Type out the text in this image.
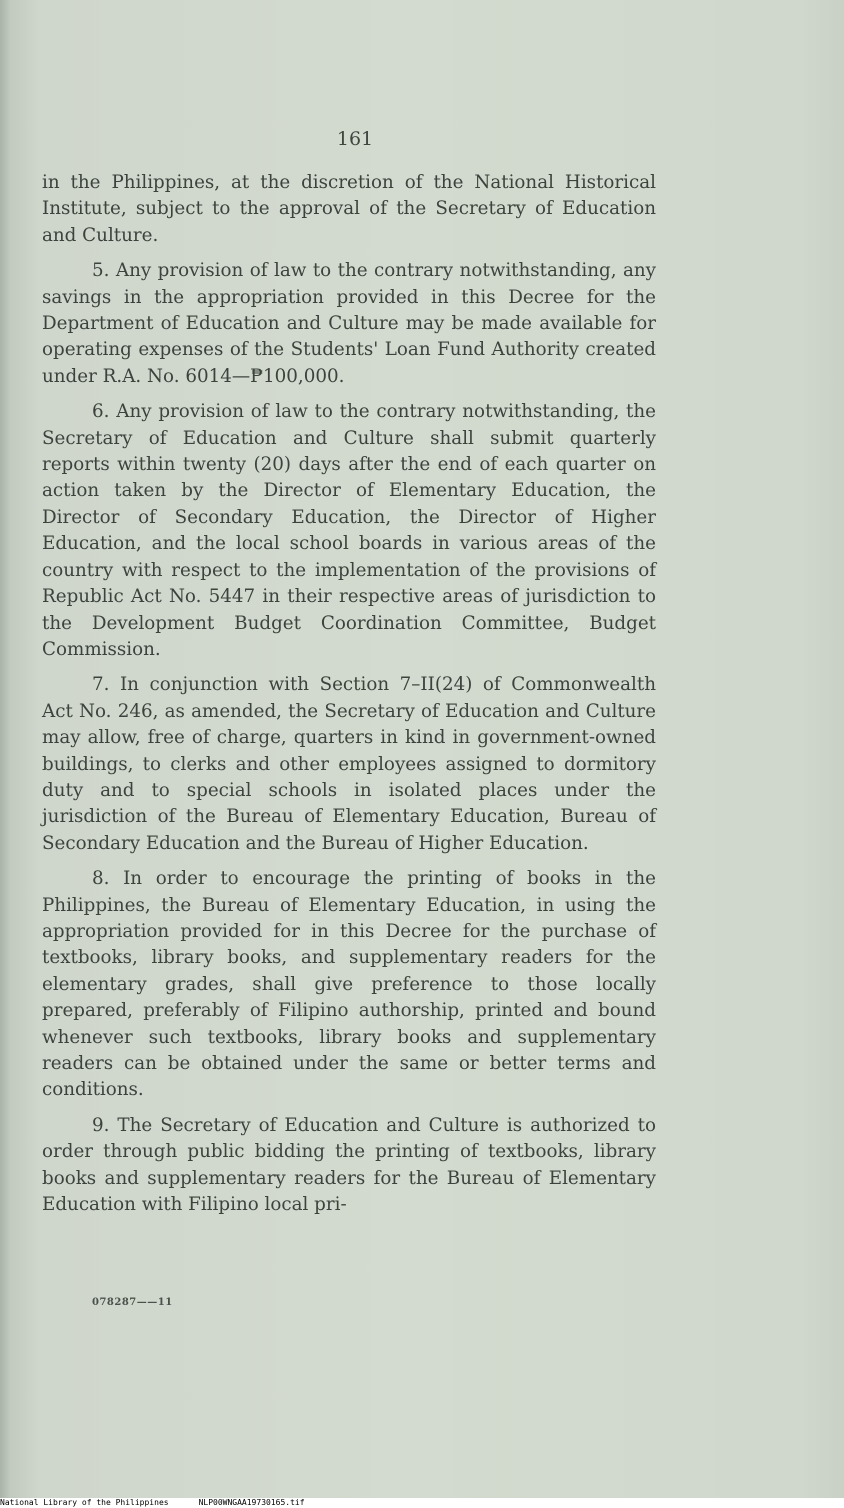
161

in the Philippines, at the discretion of the National Historical Institute, subject to the approval of the Secretary of Education and Culture.

5. Any provision of law to the contrary notwithstanding, any savings in the appropriation provided in this Decree for the Department of Education and Culture may be made available for operating expenses of the Students' Loan Fund Authority created under R.A. No. 6014—₱100,000.

6. Any provision of law to the contrary notwithstanding, the Secretary of Education and Culture shall submit quarterly reports within twenty (20) days after the end of each quarter on action taken by the Director of Elementary Education, the Director of Secondary Education, the Director of Higher Education, and the local school boards in various areas of the country with respect to the implementation of the provisions of Republic Act No. 5447 in their respective areas of jurisdiction to the Development Budget Coordination Committee, Budget Commission.

7. In conjunction with Section 7–II(24) of Commonwealth Act No. 246, as amended, the Secretary of Education and Culture may allow, free of charge, quarters in kind in government-owned buildings, to clerks and other employees assigned to dormitory duty and to special schools in isolated places under the jurisdiction of the Bureau of Elementary Education, Bureau of Secondary Education and the Bureau of Higher Education.

8. In order to encourage the printing of books in the Philippines, the Bureau of Elementary Education, in using the appropriation provided for in this Decree for the purchase of textbooks, library books, and supplementary readers for the elementary grades, shall give preference to those locally prepared, preferably of Filipino authorship, printed and bound whenever such textbooks, library books and supplementary readers can be obtained under the same or better terms and conditions.

9. The Secretary of Education and Culture is authorized to order through public bidding the printing of textbooks, library books and supplementary readers for the Bureau of Elementary Education with Filipino local pri-

078287——11
National Library of the Philippines	NLP00WNGAA19730165.tif
